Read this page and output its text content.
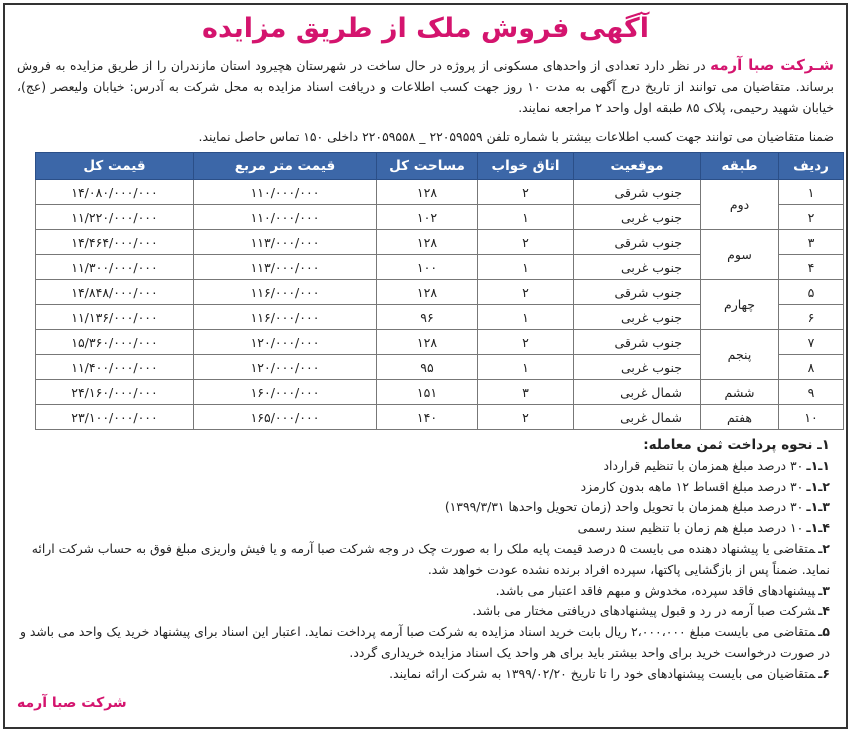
آگهی فروش ملک از طریق مزایده
شـرکت صبا آرمه در نظر دارد تعدادی از واحدهای مسکونی از پروژه در حال ساخت در شهرستان هچیرود استان مازندران را از طریق مزایده به فروش برساند. متقاضیان می توانند از تاریخ درج آگهی به مدت ۱۰ روز جهت کسب اطلاعات و دریافت اسناد مزایده به محل شرکت به آدرس: خیابان ولیعصر (عج)، خیابان شهید رحیمی، پلاک ۸۵ طبقه اول واحد ۲ مراجعه نمایند.
ضمنا متقاضیان می توانند جهت کسب اطلاعات بیشتر با شماره تلفن ۲۲۰۵۹۵۵۹ _ ۲۲۰۵۹۵۵۸ داخلی ۱۵۰ تماس حاصل نمایند.
ردیف	طبقه	موقعیت	اتاق خواب	مساحت کل	قیمت متر مربع	قیمت کل
۱	دوم	جنوب شرقی	۲	۱۲۸	۱۱۰/۰۰۰/۰۰۰	۱۴/۰۸۰/۰۰۰/۰۰۰
۲		جنوب غربی	۱	۱۰۲	۱۱۰/۰۰۰/۰۰۰	۱۱/۲۲۰/۰۰۰/۰۰۰
۳	سوم	جنوب شرقی	۲	۱۲۸	۱۱۳/۰۰۰/۰۰۰	۱۴/۴۶۴/۰۰۰/۰۰۰
۴		جنوب غربی	۱	۱۰۰	۱۱۳/۰۰۰/۰۰۰	۱۱/۳۰۰/۰۰۰/۰۰۰
۵	چهارم	جنوب شرقی	۲	۱۲۸	۱۱۶/۰۰۰/۰۰۰	۱۴/۸۴۸/۰۰۰/۰۰۰
۶		جنوب غربی	۱	۹۶	۱۱۶/۰۰۰/۰۰۰	۱۱/۱۳۶/۰۰۰/۰۰۰
۷	پنجم	جنوب شرقی	۲	۱۲۸	۱۲۰/۰۰۰/۰۰۰	۱۵/۳۶۰/۰۰۰/۰۰۰
۸		جنوب غربی	۱	۹۵	۱۲۰/۰۰۰/۰۰۰	۱۱/۴۰۰/۰۰۰/۰۰۰
۹	ششم	شمال غربی	۳	۱۵۱	۱۶۰/۰۰۰/۰۰۰	۲۴/۱۶۰/۰۰۰/۰۰۰
۱۰	هفتم	شمال غربی	۲	۱۴۰	۱۶۵/۰۰۰/۰۰۰	۲۳/۱۰۰/۰۰۰/۰۰۰
۱ـ نحوه پرداخت ثمن معامله:
۱ـ۱ـ۳۰ درصد مبلغ همزمان با تنظیم قرارداد
۲ـ۱ـ۳۰ درصد مبلغ اقساط ۱۲ ماهه بدون کارمزد
۳ـ۱ـ۳۰ درصد مبلغ همزمان با تحویل واحد (زمان تحویل واحدها ۱۳۹۹/۳/۳۱)
۴ـ۱ـ۱۰ درصد مبلغ هم زمان با تنظیم سند رسمی
۲ـمتقاضی یا پیشنهاد دهنده می بایست ۵ درصد قیمت پایه ملک را به صورت چک در وجه شرکت صبا آرمه و یا فیش واریزی مبلغ فوق به حساب شرکت ارائه نماید. ضمناً پس از بازگشایی پاکتها، سپرده افراد برنده نشده عودت خواهد شد.
۳ـپیشنهادهای فاقد سپرده، مخدوش و مبهم فاقد اعتبار می باشد.
۴ـشرکت صبا آرمه در رد و قبول پیشنهادهای دریافتی مختار می باشد.
۵ـمتقاضی می بایست مبلغ ۲،۰۰۰،۰۰۰ ریال بابت خرید اسناد مزایده به شرکت صبا آرمه پرداخت نماید. اعتبار این اسناد برای پیشنهاد خرید یک واحد می باشد و در صورت درخواست خرید برای واحد بیشتر باید برای هر واحد یک اسناد مزایده خریداری گردد.
۶ـمتقاضیان می بایست پیشنهادهای خود را تا تاریخ ۱۳۹۹/۰۲/۲۰ به شرکت ارائه نمایند.
شرکت صبا آرمه
